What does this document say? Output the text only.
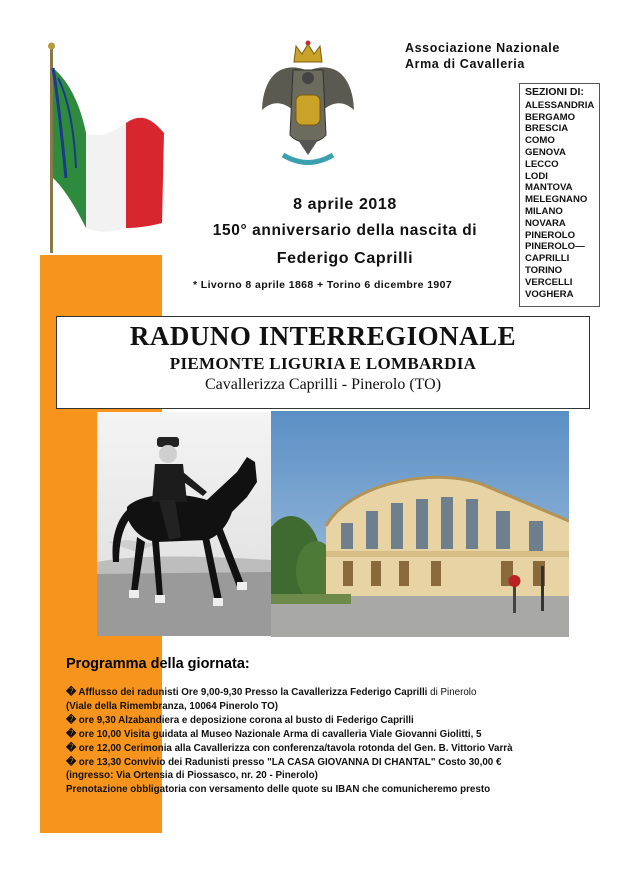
Associazione Nazionale
Arma di Cavalleria
SEZIONI DI:
ALESSANDRIA
BERGAMO
BRESCIA
COMO
GENOVA
LECCO
LODI
MANTOVA
MELEGNANO
MILANO
NOVARA
PINEROLO
PINEROLO—
CAPRILLI
TORINO
VERCELLI
VOGHERA
8 aprile 2018
150° anniversario della nascita di
Federigo Caprilli
* Livorno 8 aprile 1868 + Torino 6 dicembre 1907
RADUNO INTERREGIONALE
PIEMONTE LIGURIA E LOMBARDIA
Cavallerizza Caprilli - Pinerolo (TO)
Programma della giornata:
� Afflusso dei radunisti Ore 9,00-9,30 Presso la Cavallerizza Federigo Caprilli di Pinerolo
(Viale della Rimembranza, 10064 Pinerolo TO)
� ore 9,30 Alzabandiera e deposizione corona al busto di Federigo Caprilli
� ore 10,00 Visita guidata al Museo Nazionale Arma di cavalleria Viale Giovanni Giolitti, 5
� ore 12,00 Cerimonia alla Cavallerizza con conferenza/tavola rotonda del Gen. B. Vittorio Varrà
� ore 13,30 Convivio dei Radunisti presso "LA CASA GIOVANNA DI CHANTAL" Costo 30,00 €
(ingresso: Via Ortensia di Piossasco, nr. 20 - Pinerolo)
Prenotazione obbligatoria con versamento delle quote su IBAN che comunicheremo presto
